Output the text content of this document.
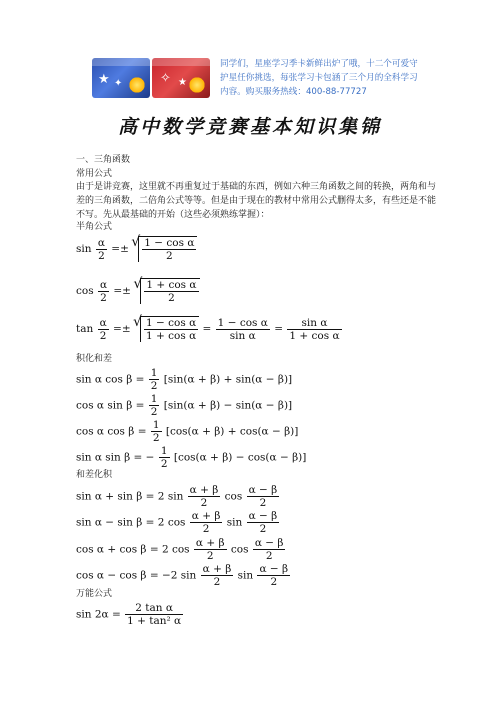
★ ✦	✧ ★
同学们，星座学习季卡新鲜出炉了哦，十二个可爱守护星任你挑选，每张学习卡包涵了三个月的全科学习内容。购买服务热线：400-88-77727
高中数学竞赛基本知识集锦
一、三角函数
常用公式
由于是讲竞赛，这里就不再重复过于基础的东西，例如六种三角函数之间的转换，两角和与差的三角函数，二倍角公式等等。但是由于现在的教材中常用公式删得太多，有些还是不能不写。先从最基础的开始（这些必须熟练掌握）：
半角公式
$\sin \frac{\alpha}{2}$ =± √ $\frac{\text{1 − cos α}}{2}$
$\cos \frac{\alpha}{2}$ =± √ $\frac{\text{1 + cos α}}{2}$
$\tan \frac{\alpha}{2}$ =± √ $\frac{\text{1 − cos α}}{\text{1 + cos α}} = \frac{\text{1 − cos α}}{\text{sin α}} = \frac{\text{sin α}}{\text{1 + cos α}}$
积化和差
sin α $\cos \beta = \frac{1}{2} [\sin(\alpha + \beta) + \sin(\alpha - \beta)]$
cos α $\sin \beta = \frac{1}{2} [\sin(\alpha + \beta) - \sin(\alpha - \beta)]$
cos α $\cos \beta = \frac{1}{2} [\cos(\alpha + \beta) + \cos(\alpha - \beta)]$
sin α sin β = − $\frac{1}{2} [\cos(\alpha + \beta) - \cos(\alpha - \beta)]$
和差化积
sin α + sin β = 2 $\sin \frac{\alpha + \beta}{2}$ $\cos \frac{\alpha - \beta}{2}$
sin α − sin β = 2 $\cos \frac{\alpha + \beta}{2}$ $\sin \frac{\alpha - \beta}{2}$
cos α + cos β = 2 $\cos \frac{\alpha + \beta}{2}$ $\cos \frac{\alpha - \beta}{2}$
cos α − cos β = −2 $\sin \frac{\alpha + \beta}{2}$ $\sin \frac{\alpha - \beta}{2}$
万能公式
$\sin 2\alpha = \frac{\text{2 tan α}}{\text{1 + tan² α}}$
